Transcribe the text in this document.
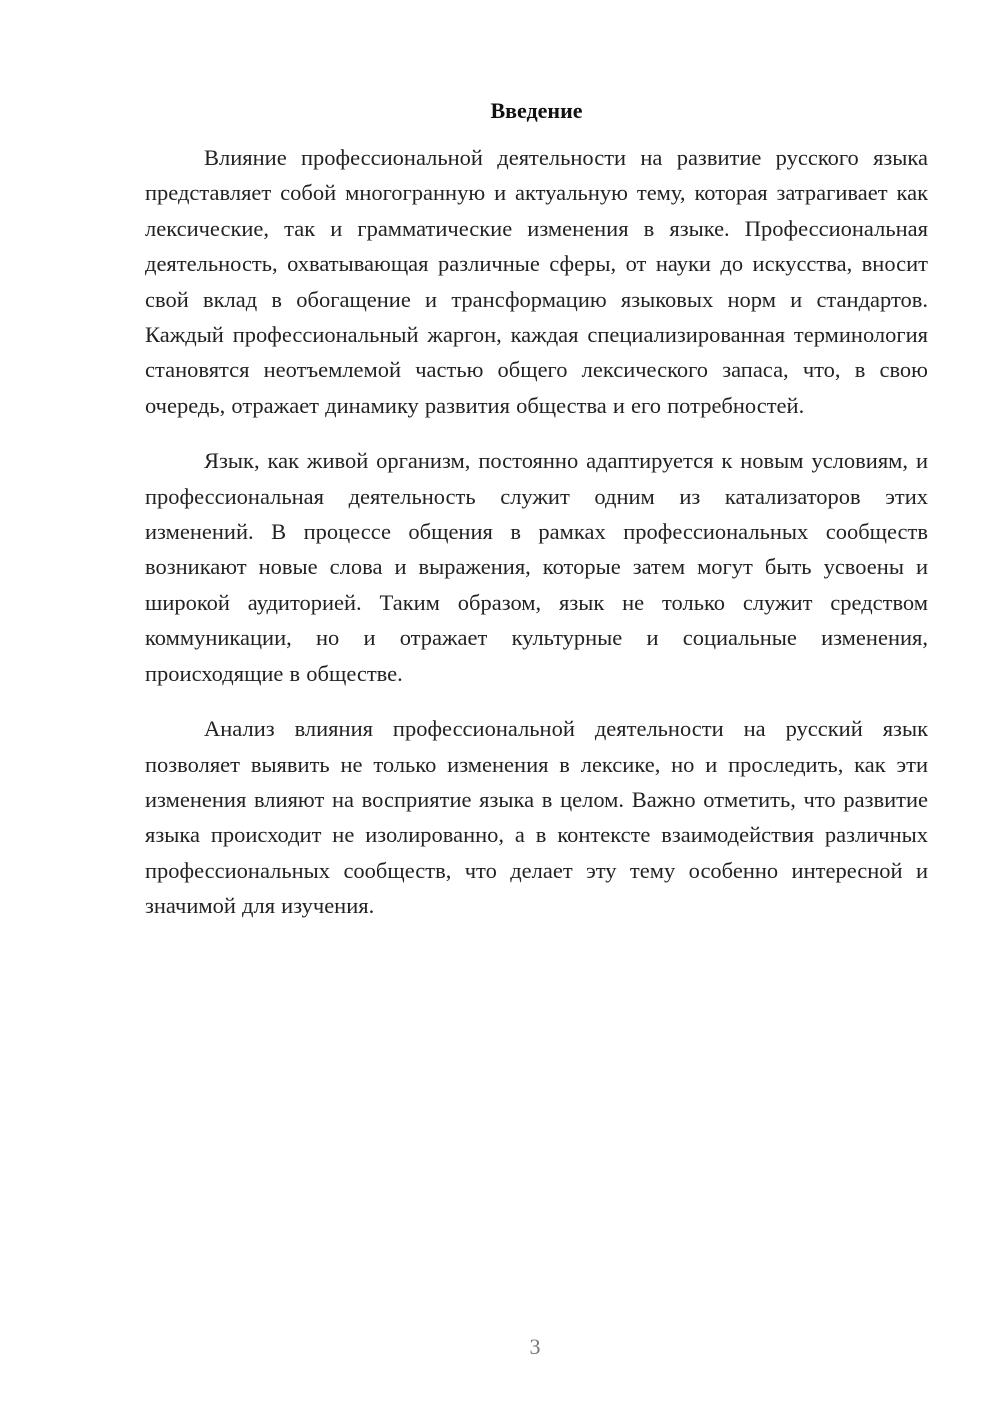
Введение

Влияние профессиональной деятельности на развитие русского языка представляет собой многогранную и актуальную тему, которая затрагивает как лексические, так и грамматические изменения в языке. Профессиональная деятельность, охватывающая различные сферы, от науки до искусства, вносит свой вклад в обогащение и трансформацию языковых норм и стандартов. Каждый профессиональный жаргон, каждая специализированная терминология становятся неотъемлемой частью общего лексического запаса, что, в свою очередь, отражает динамику развития общества и его потребностей.

Язык, как живой организм, постоянно адаптируется к новым условиям, и профессиональная деятельность служит одним из катализаторов этих изменений. В процессе общения в рамках профессиональных сообществ возникают новые слова и выражения, которые затем могут быть усвоены и широкой аудиторией. Таким образом, язык не только служит средством коммуникации, но и отражает культурные и социальные изменения, происходящие в обществе.

Анализ влияния профессиональной деятельности на русский язык позволяет выявить не только изменения в лексике, но и проследить, как эти изменения влияют на восприятие языка в целом. Важно отметить, что развитие языка происходит не изолированно, а в контексте взаимодействия различных профессиональных сообществ, что делает эту тему особенно интересной и значимой для изучения.

3
